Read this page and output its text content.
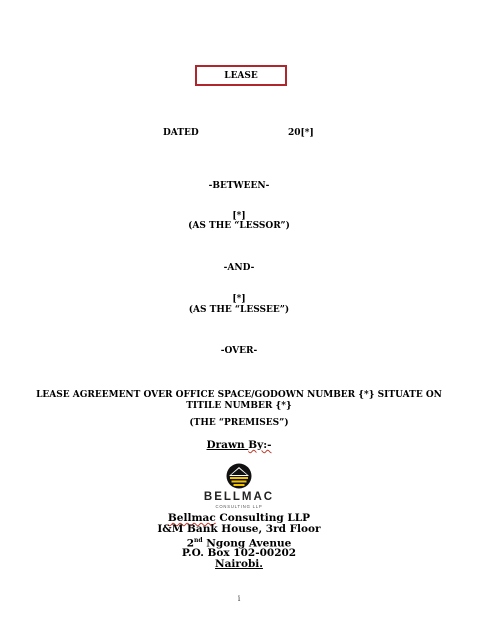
LEASE
DATED	20[*]
-BETWEEN-
[*]
(AS THE “LESSOR”)
-AND-
[*]
(AS THE “LESSEE”)
-OVER-
LEASE AGREEMENT OVER OFFICE SPACE/GODOWN NUMBER {*} SITUATE ON
TITILE NUMBER {*}
(THE “PREMISES”)
Drawn By:-
BELLMAC
CONSULTING LLP
Bellmac Consulting LLP
I&M Bank House, 3rd Floor
2nd Ngong Avenue
P.O. Box 102-00202
Nairobi.
i
